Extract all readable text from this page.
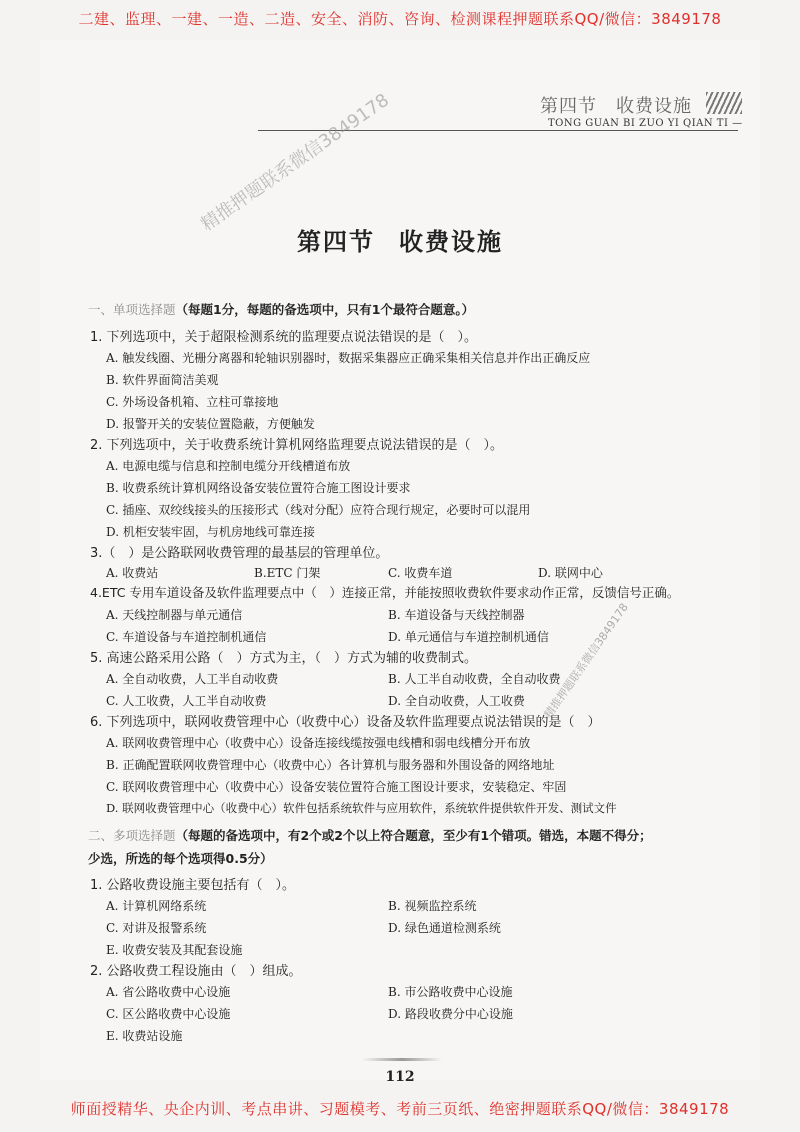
二建、监理、一建、一造、二造、安全、消防、咨询、检测课程押题联系QQ/微信：3849178
第四节　收费设施
TONG GUAN BI ZUO YI QIAN TI —
精推押题联系微信3849178
第四节 收费设施
一、单项选择题（每题1分，每题的备选项中，只有1个最符合题意。）
1. 下列选项中，关于超限检测系统的监理要点说法错误的是（　）。
A. 触发线圈、光栅分离器和轮轴识别器时，数据采集器应正确采集相关信息并作出正确反应
B. 软件界面简洁美观
C. 外场设备机箱、立柱可靠接地
D. 报警开关的安装位置隐蔽，方便触发
2. 下列选项中，关于收费系统计算机网络监理要点说法错误的是（　）。
A. 电源电缆与信息和控制电缆分开线槽道布放
B. 收费系统计算机网络设备安装位置符合施工图设计要求
C. 插座、双绞线接头的压接形式（线对分配）应符合现行规定，必要时可以混用
D. 机柜安装牢固，与机房地线可靠连接
3.（　）是公路联网收费管理的最基层的管理单位。
A. 收费站	B.ETC 门架	C. 收费车道	D. 联网中心
4.ETC 专用车道设备及软件监理要点中（　）连接正常，并能按照收费软件要求动作正常，反馈信号正确。
A. 天线控制器与单元通信	B. 车道设备与天线控制器
C. 车道设备与车道控制机通信	D. 单元通信与车道控制机通信
5. 高速公路采用公路（　）方式为主，（　）方式为辅的收费制式。
A. 全自动收费，人工半自动收费	B. 人工半自动收费，全自动收费
C. 人工收费，人工半自动收费	D. 全自动收费，人工收费 精推押题联系微信3849178
6. 下列选项中，联网收费管理中心（收费中心）设备及软件监理要点说法错误的是（　）
A. 联网收费管理中心（收费中心）设备连接线缆按强电线槽和弱电线槽分开布放
B. 正确配置联网收费管理中心（收费中心）各计算机与服务器和外围设备的网络地址
C. 联网收费管理中心（收费中心）设备安装位置符合施工图设计要求，安装稳定、牢固
D. 联网收费管理中心（收费中心）软件包括系统软件与应用软件，系统软件提供软件开发、测试文件
二、多项选择题（每题的备选项中，有2个或2个以上符合题意，至少有1个错项。错选，本题不得分；
少选，所选的每个选项得0.5分）
1. 公路收费设施主要包括有（　）。
A. 计算机网络系统	B. 视频监控系统
C. 对讲及报警系统	D. 绿色通道检测系统
E. 收费安装及其配套设施
2. 公路收费工程设施由（　）组成。
A. 省公路收费中心设施	B. 市公路收费中心设施
C. 区公路收费中心设施	D. 路段收费分中心设施
E. 收费站设施
112
师面授精华、央企内训、考点串讲、习题模考、考前三页纸、绝密押题联系QQ/微信：3849178
